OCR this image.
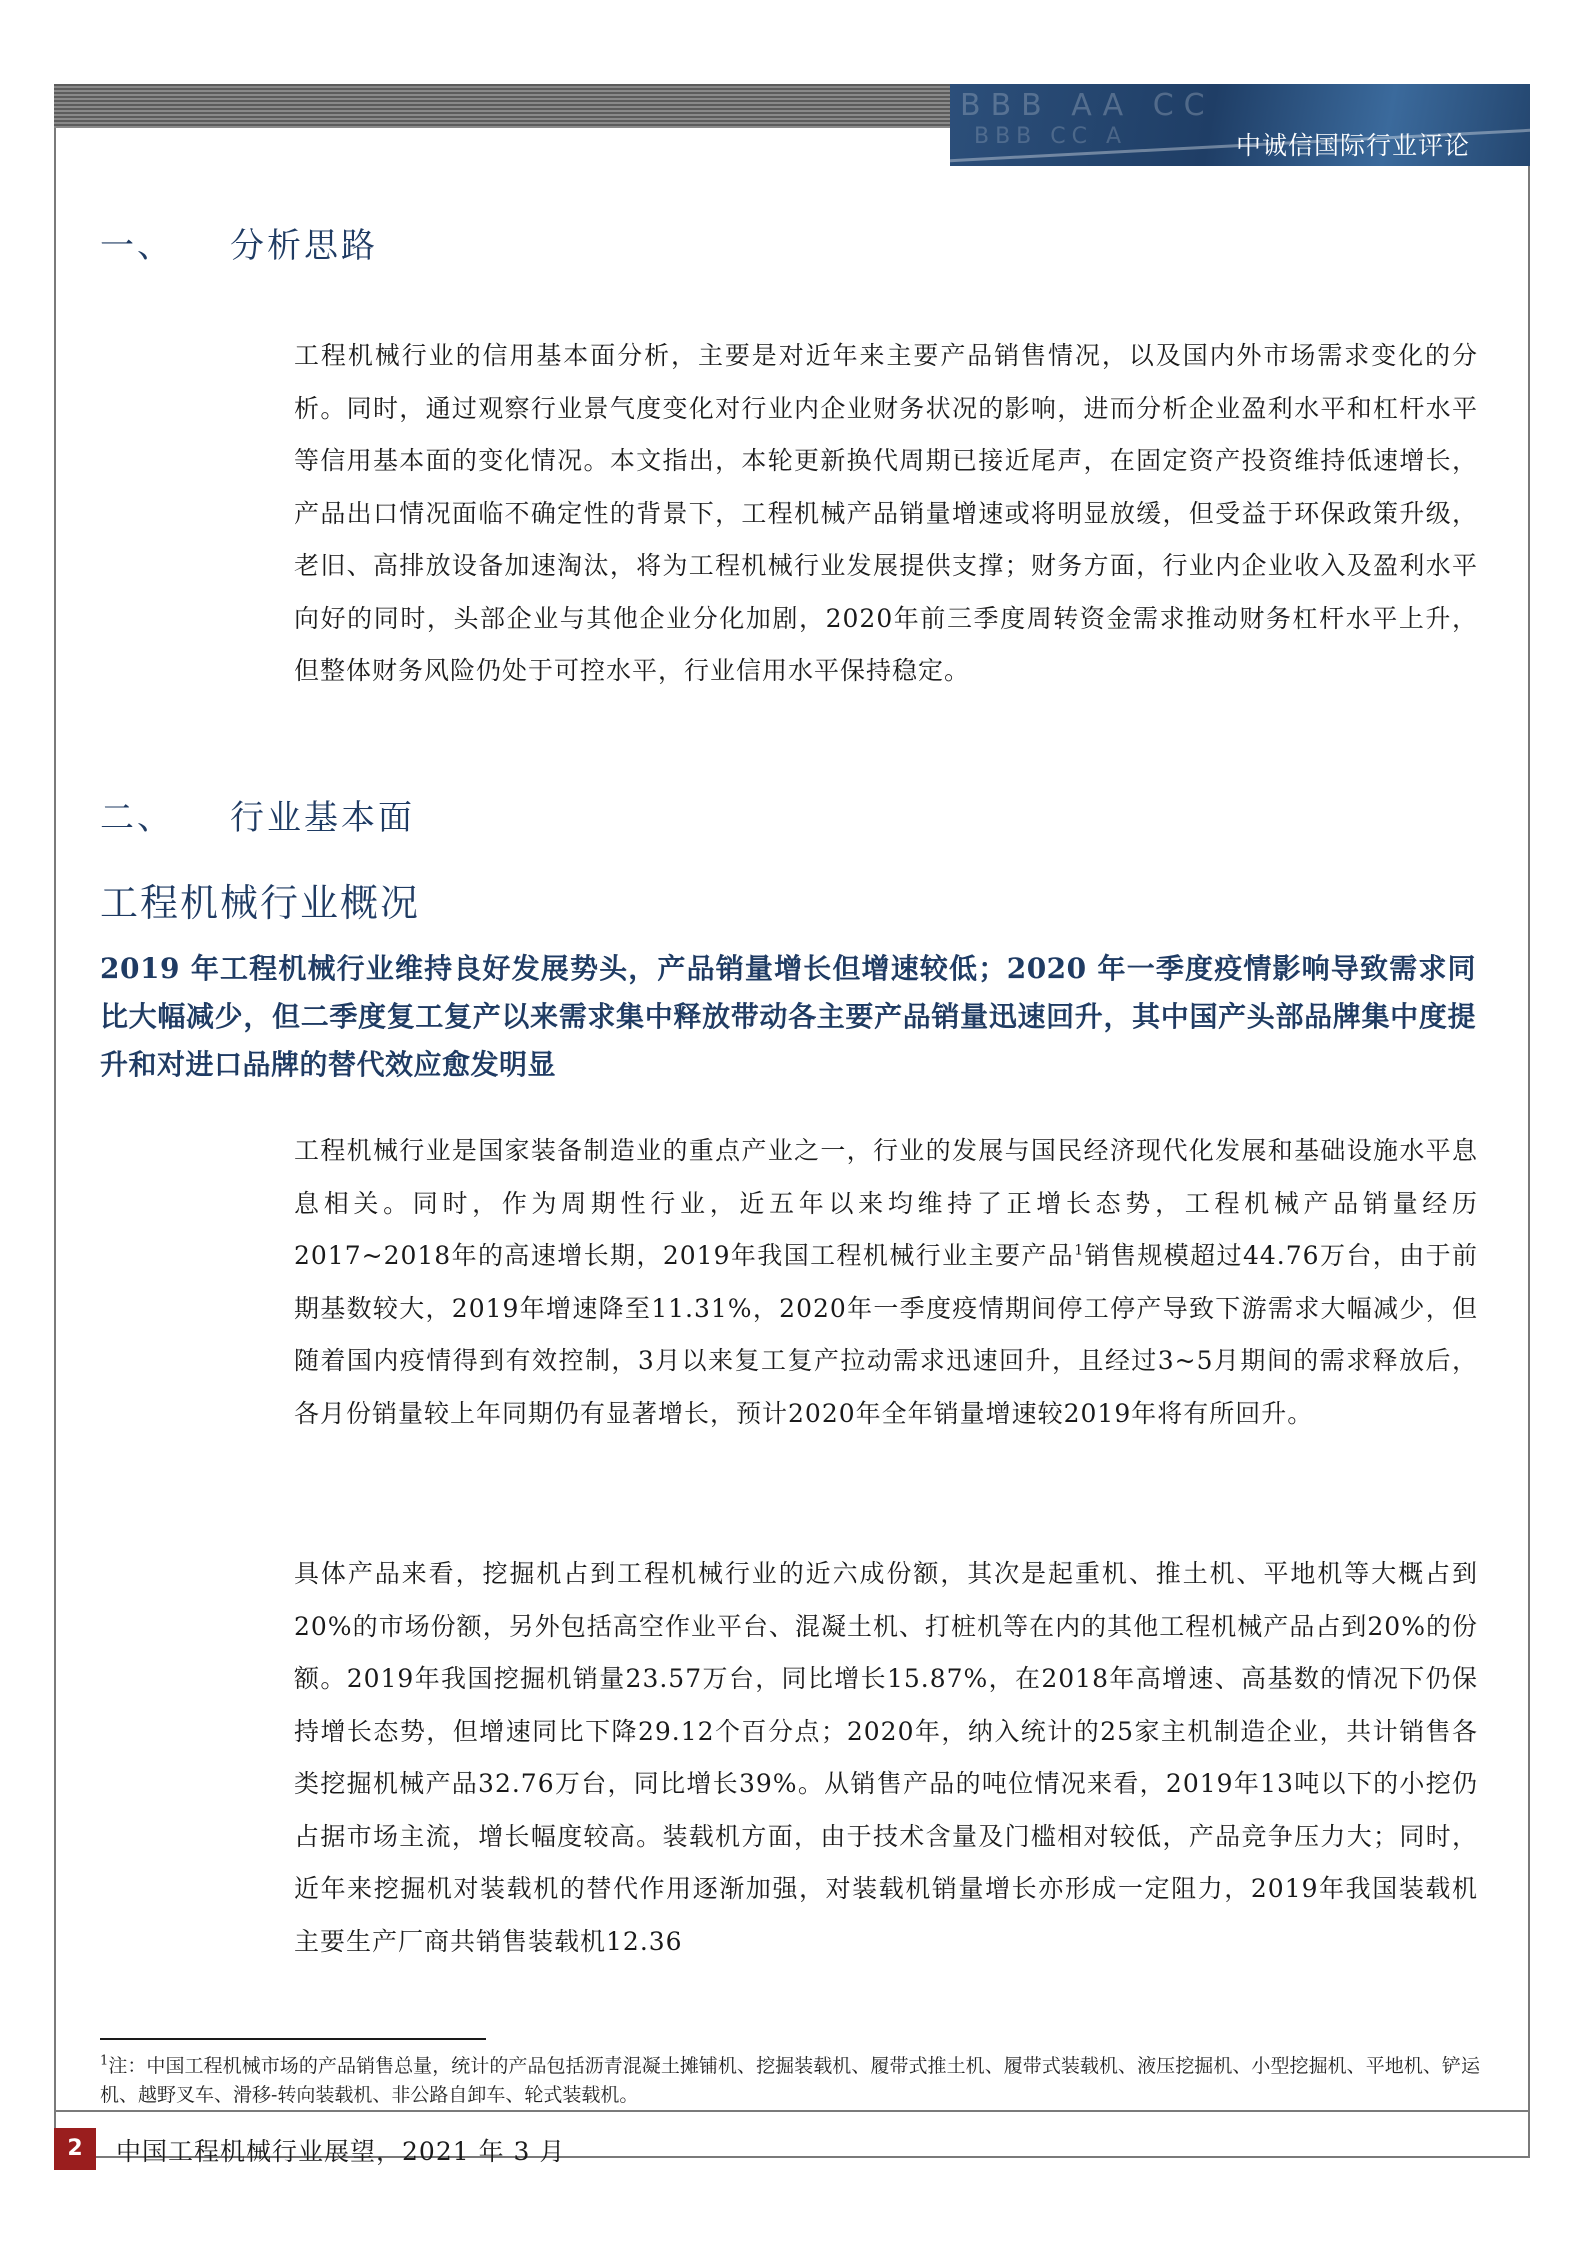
BBB AA CC
BBB CC A	中诚信国际行业评论
一、 分析思路
工程机械行业的信用基本面分析，主要是对近年来主要产品销售情况，以及国内外市场需求变化的分析。同时，通过观察行业景气度变化对行业内企业财务状况的影响，进而分析企业盈利水平和杠杆水平等信用基本面的变化情况。本文指出，本轮更新换代周期已接近尾声，在固定资产投资维持低速增长，产品出口情况面临不确定性的背景下，工程机械产品销量增速或将明显放缓，但受益于环保政策升级，老旧、高排放设备加速淘汰，将为工程机械行业发展提供支撑；财务方面，行业内企业收入及盈利水平向好的同时，头部企业与其他企业分化加剧，2020年前三季度周转资金需求推动财务杠杆水平上升，但整体财务风险仍处于可控水平，行业信用水平保持稳定。
二、 行业基本面
工程机械行业概况
2019 年工程机械行业维持良好发展势头，产品销量增长但增速较低；2020 年一季度疫情影响导致需求同比大幅减少，但二季度复工复产以来需求集中释放带动各主要产品销量迅速回升，其中国产头部品牌集中度提升和对进口品牌的替代效应愈发明显
工程机械行业是国家装备制造业的重点产业之一，行业的发展与国民经济现代化发展和基础设施水平息息相关。同时，作为周期性行业，近五年以来均维持了正增长态势，工程机械产品销量经历2017~2018年的高速增长期，2019年我国工程机械行业主要产品$^1$销售规模超过44.76万台，由于前期基数较大，2019年增速降至11.31%，2020年一季度疫情期间停工停产导致下游需求大幅减少，但随着国内疫情得到有效控制，3月以来复工复产拉动需求迅速回升，且经过3~5月期间的需求释放后，各月份销量较上年同期仍有显著增长，预计2020年全年销量增速较2019年将有所回升。
具体产品来看，挖掘机占到工程机械行业的近六成份额，其次是起重机、推土机、平地机等大概占到20%的市场份额，另外包括高空作业平台、混凝土机、打桩机等在内的其他工程机械产品占到20%的份额。2019年我国挖掘机销量23.57万台，同比增长15.87%，在2018年高增速、高基数的情况下仍保持增长态势，但增速同比下降29.12个百分点；2020年，纳入统计的25家主机制造企业，共计销售各类挖掘机械产品32.76万台，同比增长39%。从销售产品的吨位情况来看，2019年13吨以下的小挖仍占据市场主流，增长幅度较高。装载机方面，由于技术含量及门槛相对较低，产品竞争压力大；同时，近年来挖掘机对装载机的替代作用逐渐加强，对装载机销量增长亦形成一定阻力，2019年我国装载机主要生产厂商共销售装载机12.36
$^1$注：中国工程机械市场的产品销售总量，统计的产品包括沥青混凝土摊铺机、挖掘装载机、履带式推土机、履带式装载机、液压挖掘机、小型挖掘机、平地机、铲运机、越野叉车、滑移-转向装载机、非公路自卸车、轮式装载机。
2	中国工程机械行业展望，2021 年 3 月
